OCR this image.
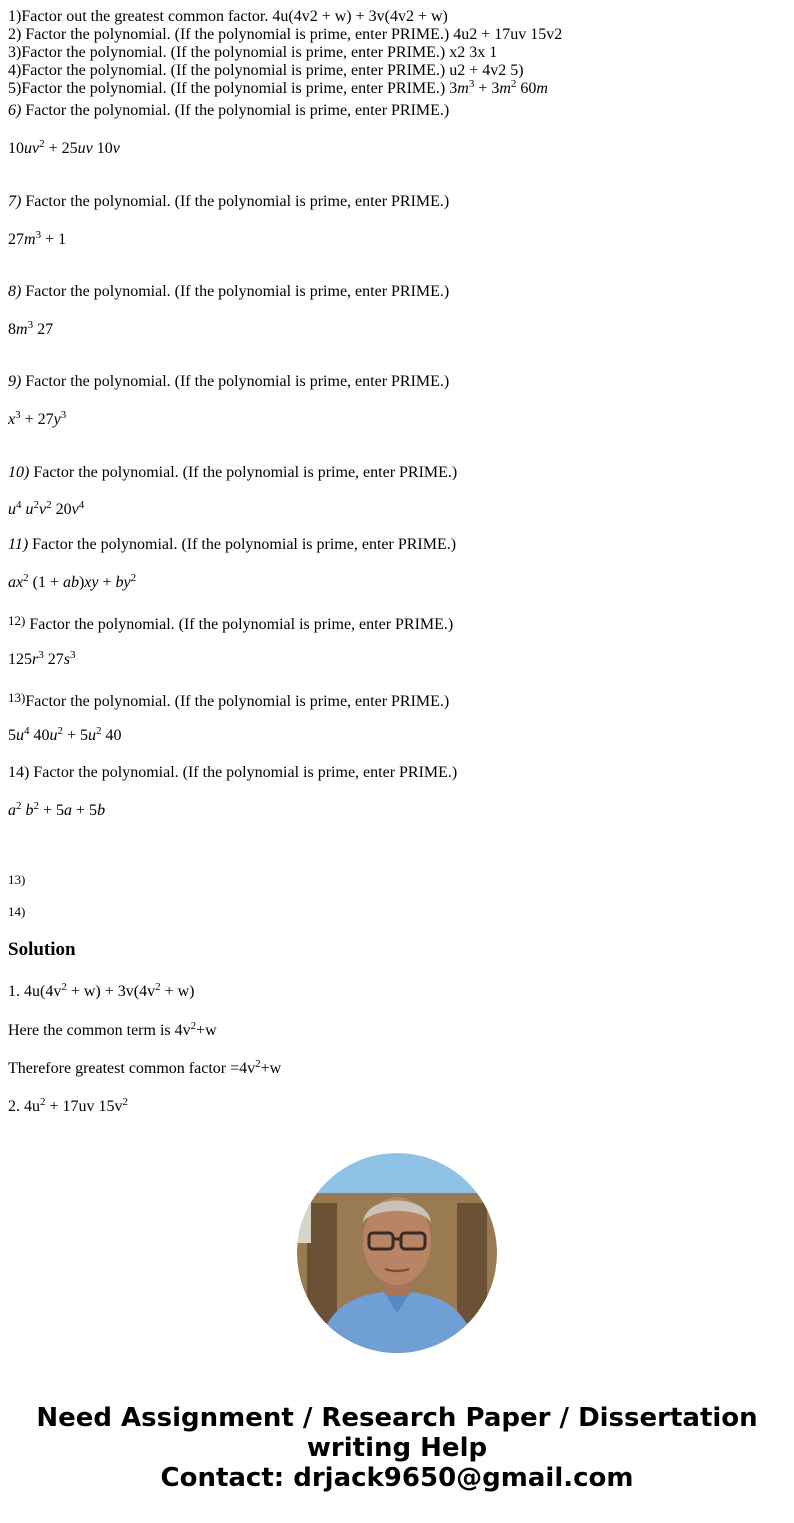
1)Factor out the greatest common factor. 4u(4v2 + w) + 3v(4v2 + w)
2) Factor the polynomial. (If the polynomial is prime, enter PRIME.) 4u2 + 17uv 15v2
3)Factor the polynomial. (If the polynomial is prime, enter PRIME.) x2 3x 1
4)Factor the polynomial. (If the polynomial is prime, enter PRIME.) u2 + 4v2 5)
5)Factor the polynomial. (If the polynomial is prime, enter PRIME.) $3m^3 + 3m^2$ 60m
6) Factor the polynomial. (If the polynomial is prime, enter PRIME.)
$10uv^2 + 25uv$ 10v
7) Factor the polynomial. (If the polynomial is prime, enter PRIME.)
$27m^3 + 1$
8) Factor the polynomial. (If the polynomial is prime, enter PRIME.)
$8m^3$ 27
9) Factor the polynomial. (If the polynomial is prime, enter PRIME.)
$x^3 + 27y^3$
10) Factor the polynomial. (If the polynomial is prime, enter PRIME.)
$u^4$ $u^2v^2$ $20v^4$
11) Factor the polynomial. (If the polynomial is prime, enter PRIME.)
$ax^2$ $(1 + ab)xy + by^2$
$^{12)}$ Factor the polynomial. (If the polynomial is prime, enter PRIME.)
$125r^3$ $27s^3$
$^{13)}$Factor the polynomial. (If the polynomial is prime, enter PRIME.)
$5u^4$ $40u^2 + 5u^2$ 40
14) Factor the polynomial. (If the polynomial is prime, enter PRIME.)
$a^2$ $b^2 + 5a + 5b$
13)
14)
Solution
1. $4u(4v^2 + w) + 3v(4v^2 + w)$
Here the common term is $4v^2+w$
Therefore greatest common factor $=4v^2+w$
2. $4u^2 + 17uv$ $15v^2$
Need Assignment / Research Paper / Dissertation
writing Help
Contact: drjack9650@gmail.com
